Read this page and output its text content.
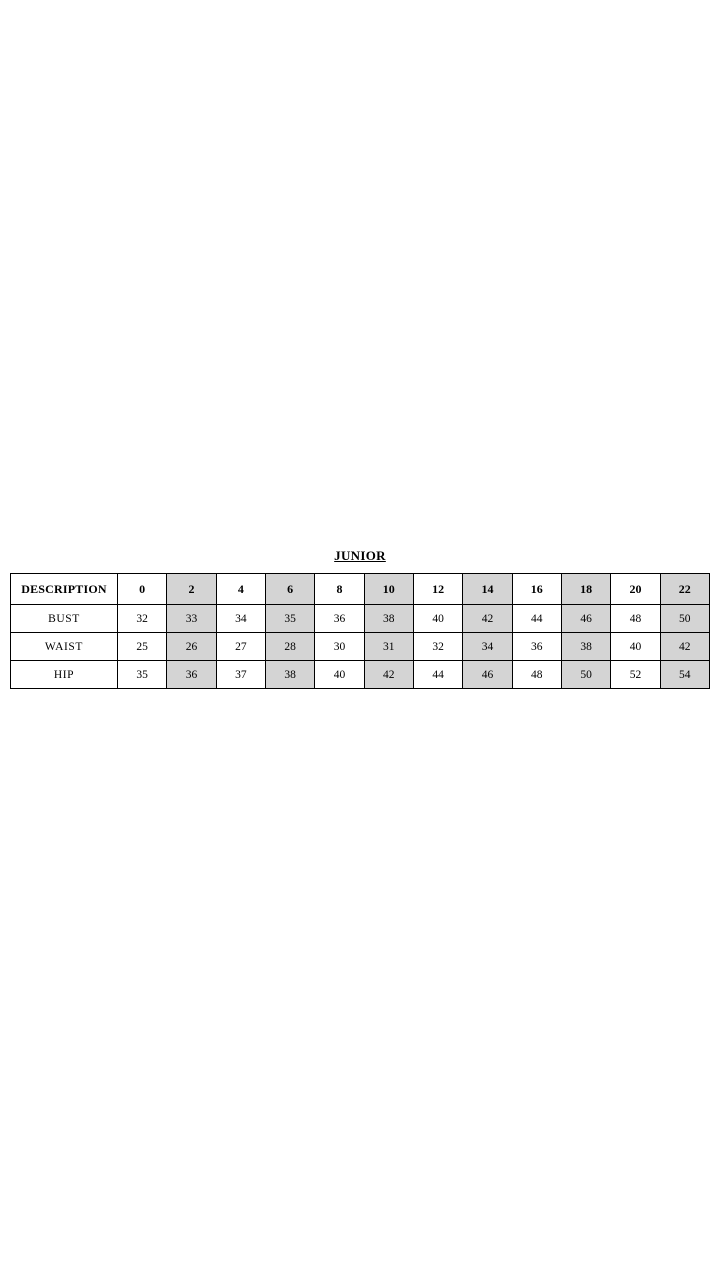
JUNIOR
DESCRIPTION	0	2	4	6	8	10	12	14	16	18	20	22
BUST	32	33	34	35	36	38	40	42	44	46	48	50
WAIST	25	26	27	28	30	31	32	34	36	38	40	42
HIP	35	36	37	38	40	42	44	46	48	50	52	54
